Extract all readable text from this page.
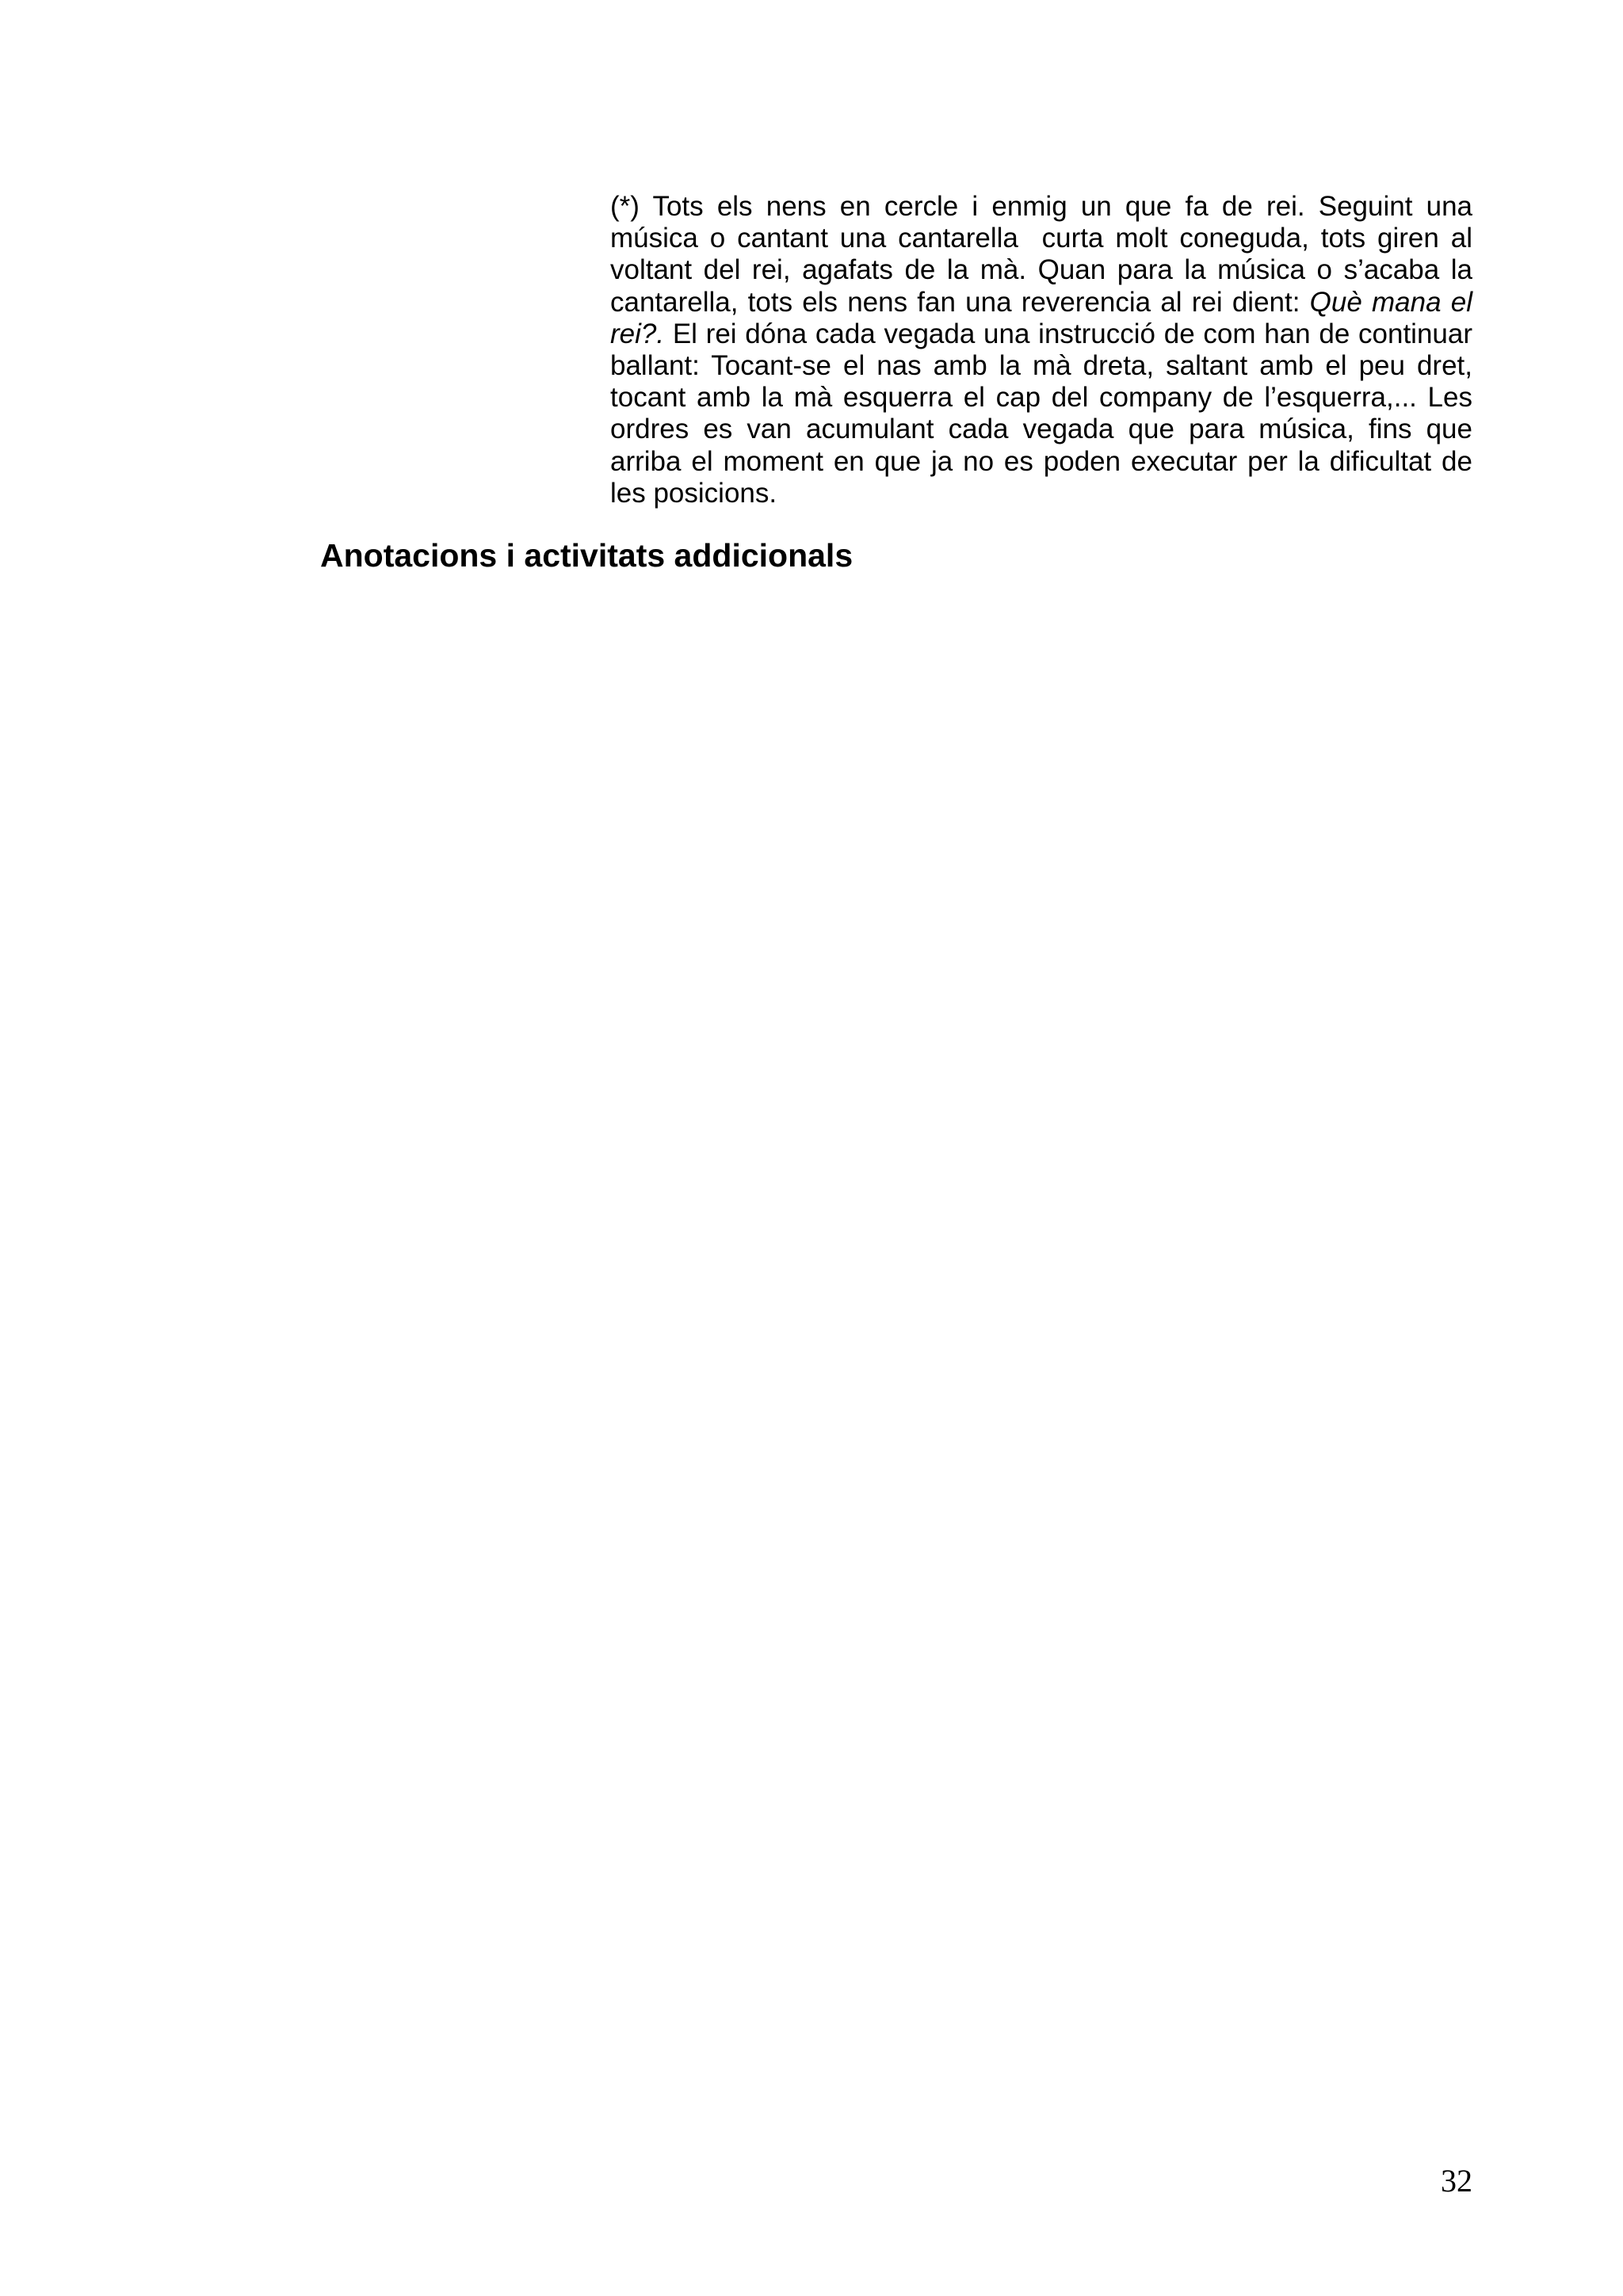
(*) Tots els nens en cercle i enmig un que fa de rei. Seguint una música o cantant una cantarella  curta molt coneguda, tots giren al voltant del rei, agafats de la mà. Quan para la música o s’acaba la cantarella, tots els nens fan una reverencia al rei dient: Què mana el rei?. El rei dóna cada vegada una instrucció de com han de continuar ballant: Tocant-se el nas amb la mà dreta, saltant amb el peu dret, tocant amb la mà esquerra el cap del company de l’esquerra,... Les ordres es van acumulant cada vegada que para música, fins que arriba el moment en que ja no es poden executar per la dificultat de les posicions.

Anotacions i activitats addicionals
32
